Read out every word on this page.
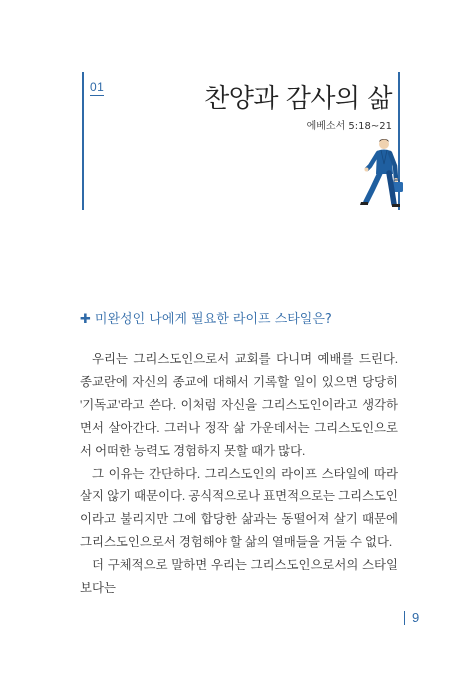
01	찬양과 감사의 삶
에베소서 5:18~21
✚ 미완성인 나에게 필요한 라이프 스타일은?

우리는 그리스도인으로서 교회를 다니며 예배를 드린다. 종교란에 자신의 종교에 대해서 기록할 일이 있으면 당당히 '기독교'라고 쓴다. 이처럼 자신을 그리스도인이라고 생각하면서 살아간다. 그러나 정작 삶 가운데서는 그리스도인으로서 어떠한 능력도 경험하지 못할 때가 많다.

그 이유는 간단하다. 그리스도인의 라이프 스타일에 따라 살지 않기 때문이다. 공식적으로나 표면적으로는 그리스도인이라고 불리지만 그에 합당한 삶과는 동떨어져 살기 때문에 그리스도인으로서 경험해야 할 삶의 열매들을 거둘 수 없다.

더 구체적으로 말하면 우리는 그리스도인으로서의 스타일보다는

9
